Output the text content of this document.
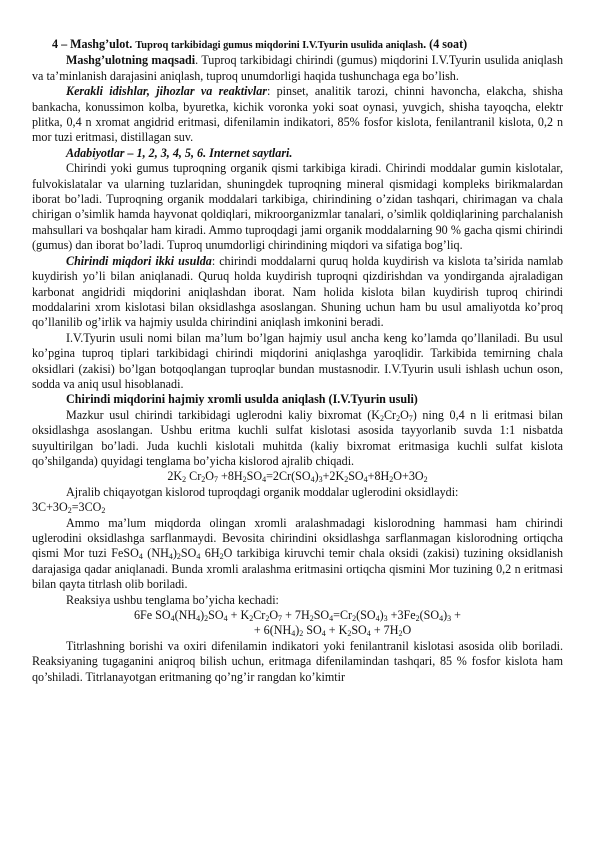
4 – Mashg’ulot. Tuproq tarkibidagi gumus miqdorini I.V.Tyurin usulida aniqlash. (4 soat)

Mashg’ulotning maqsadi. Tuproq tarkibidagi chirindi (gumus) miqdorini I.V.Tyurin usulida aniqlash va ta’minlanish darajasini aniqlash, tuproq unumdorligi haqida tushunchaga ega bo’lish.

Kerakli idishlar, jihozlar va reaktivlar: pinset, analitik tarozi, chinni havoncha, elakcha, shisha bankacha, konussimon kolba, byuretka, kichik voronka yoki soat oynasi, yuvgich, shisha tayoqcha, elektr plitka, 0,4 n xromat angidrid eritmasi, difenilamin indikatori, 85% fosfor kislota, fenilantranil kislota, 0,2 n mor tuzi eritmasi, distillagan suv.

Adabiyotlar – 1, 2, 3, 4, 5, 6. Internet saytlari.

Chirindi yoki gumus tuproqning organik qismi tarkibiga kiradi. Chirindi moddalar gumin kislotalar, fulvokislatalar va ularning tuzlaridan, shuningdek tuproqning mineral qismidagi kompleks birikmalardan iborat bo’ladi. Tuproqning organik moddalari tarkibiga, chirindining o’zidan tashqari, chirimagan va chala chirigan o’simlik hamda hayvonat qoldiqlari, mikroorganizmlar tanalari, o’simlik qoldiqlarining parchalanish mahsullari va boshqalar ham kiradi. Ammo tuproqdagi jami organik moddalarning 90 % gacha qismi chirindi (gumus) dan iborat bo’ladi. Tuproq unumdorligi chirindining miqdori va sifatiga bog’liq.

Chirindi miqdori ikki usulda: chirindi moddalarni quruq holda kuydirish va kislota ta’sirida namlab kuydirish yo’li bilan aniqlanadi. Quruq holda kuydirish tuproqni qizdirishdan va yondirganda ajraladigan karbonat angidridi miqdorini aniqlashdan iborat. Nam holida kislota bilan kuydirish tuproq chirindi moddalarini xrom kislotasi bilan oksidlashga asoslangan. Shuning uchun ham bu usul amaliyotda ko’proq qo’llanilib og’irlik va hajmiy usulda chirindini aniqlash imkonini beradi.

I.V.Tyurin usuli nomi bilan ma’lum bo’lgan hajmiy usul ancha keng ko’lamda qo’llaniladi. Bu usul ko’pgina tuproq tiplari tarkibidagi chirindi miqdorini aniqlashga yaroqlidir. Tarkibida temirning chala oksidlari (zakisi) bo’lgan botqoqlangan tuproqlar bundan mustasnodir. I.V.Tyurin usuli ishlash uchun oson, sodda va aniq usul hisoblanadi.

Chirindi miqdorini hajmiy xromli usulda aniqlash (I.V.Tyurin usuli)

Mazkur usul chirindi tarkibidagi uglerodni kaliy bixromat $(K_2Cr_2O_7)$ ning 0,4 n li eritmasi bilan oksidlashga asoslangan. Ushbu eritma kuchli sulfat kislotasi asosida tayyorlanib suvda 1:1 nisbatda suyultirilgan bo’ladi. Juda kuchli kislotali muhitda (kaliy bixromat eritmasiga kuchli sulfat kislota qo’shilganda) quyidagi tenglama bo’yicha kislorod ajralib chiqadi.

$2K_2$ $Cr_2O_7 +8H_2SO_4=2Cr(SO_4)_3+2K_2SO_4+8H_2O+3O_2$

Ajralib chiqayotgan kislorod tuproqdagi organik moddalar uglerodini oksidlaydi:

$3C+3O_2=3CO_2$

Ammo ma’lum miqdorda olingan xromli aralashmadagi kislorodning hammasi ham chirindi uglerodini oksidlashga sarflanmaydi. Bevosita chirindini oksidlashga sarflanmagan kislorodning ortiqcha qismi Mor tuzi FeSO$_4$ $(NH_4)_2SO_4$ $6H_2O$ tarkibiga kiruvchi temir chala oksidi (zakisi) tuzining oksidlanish darajasiga qadar aniqlanadi. Bunda xromli aralashma eritmasini ortiqcha qismini Mor tuzining 0,2 n eritmasi bilan qayta titrlash olib boriladi.

Reaksiya ushbu tenglama bo’yicha kechadi:

6Fe $SO_4(NH_4)_2SO_4 + K_2Cr_2O_7 + 7H_2SO_4=Cr_2(SO_4)_3 +3Fe_2(SO_4)_3$ +

+ $6(NH_4)_2$ $SO_4 + K_2SO_4 + 7H_2O$

Titrlashning borishi va oxiri difenilamin indikatori yoki fenilantranil kislotasi asosida olib boriladi. Reaksiyaning tugaganini aniqroq bilish uchun, eritmaga difenilamindan tashqari, 85 % fosfor kislota ham qo’shiladi. Titrlanayotgan eritmaning qo’ng’ir rangdan ko’kimtir
